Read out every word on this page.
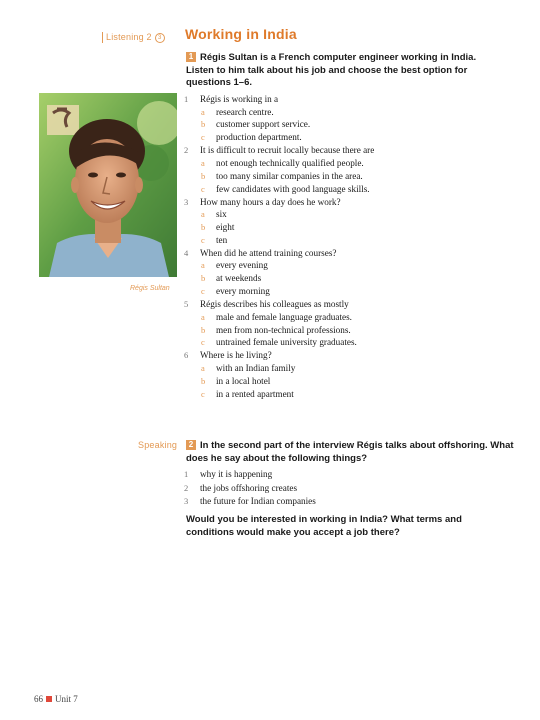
Listening 2 3 Working in India
1 Régis Sultan is a French computer engineer working in India. Listen to him talk about his job and choose the best option for questions 1–6.
Régis Sultan
1 Régis is working in a
a research centre.
b customer support service.
c production department.
2 It is difficult to recruit locally because there are
a not enough technically qualified people.
b too many similar companies in the area.
c few candidates with good language skills.
3 How many hours a day does he work?
a six
b eight
c ten
4 When did he attend training courses?
a every evening
b at weekends
c every morning
5 Régis describes his colleagues as mostly
a male and female language graduates.
b men from non-technical professions.
c untrained female university graduates.
6 Where is he living?
a with an Indian family
b in a local hotel
c in a rented apartment
Speaking	2 In the second part of the interview Régis talks about offshoring. What does he say about the following things?
1 why it is happening
2 the jobs offshoring creates
3 the future for Indian companies
Would you be interested in working in India? What terms and conditions would make you accept a job there?
66 Unit 7
